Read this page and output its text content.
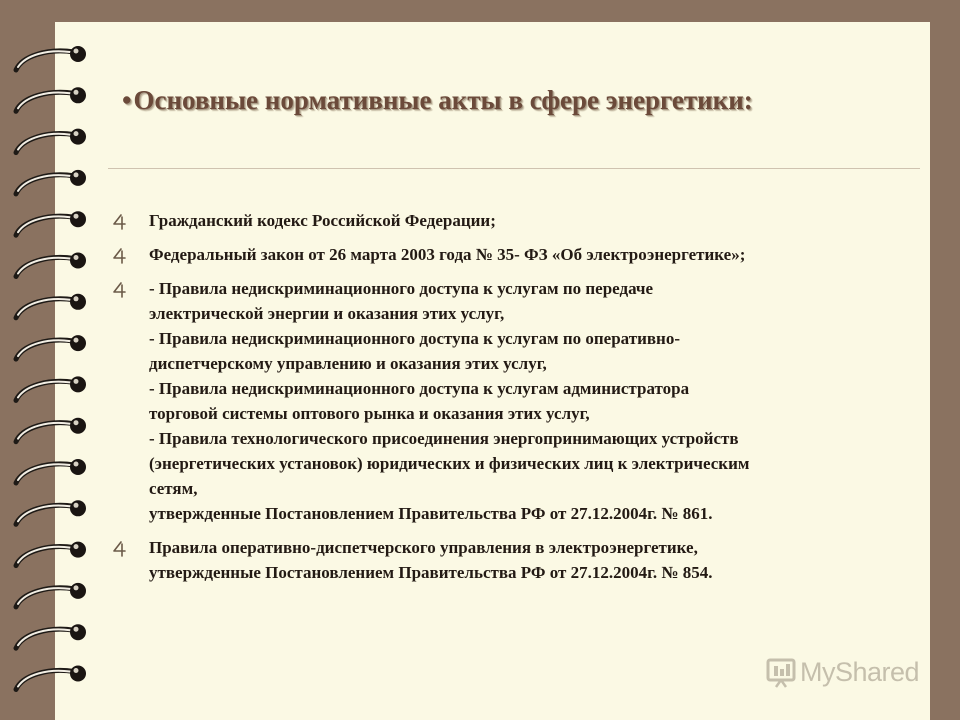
•Основные нормативные акты в сфере энергетики:
Гражданский кодекс Российской Федерации;
Федеральный закон от 26 марта 2003 года № 35- ФЗ «Об электроэнергетике»;
- Правила недискриминационного доступа к услугам по передаче
электрической энергии и оказания этих услуг,
- Правила недискриминационного доступа к услугам по оперативно-
диспетчерскому управлению и оказания этих услуг,
- Правила недискриминационного доступа к услугам администратора
торговой системы оптового рынка и оказания этих услуг,
- Правила технологического присоединения энергопринимающих устройств
(энергетических установок) юридических и физических лиц к электрическим
сетям,
утвержденные Постановлением Правительства РФ от 27.12.2004г. № 861.
Правила оперативно-диспетчерского управления в электроэнергетике,
утвержденные Постановлением Правительства РФ от 27.12.2004г. № 854.
MyShared
